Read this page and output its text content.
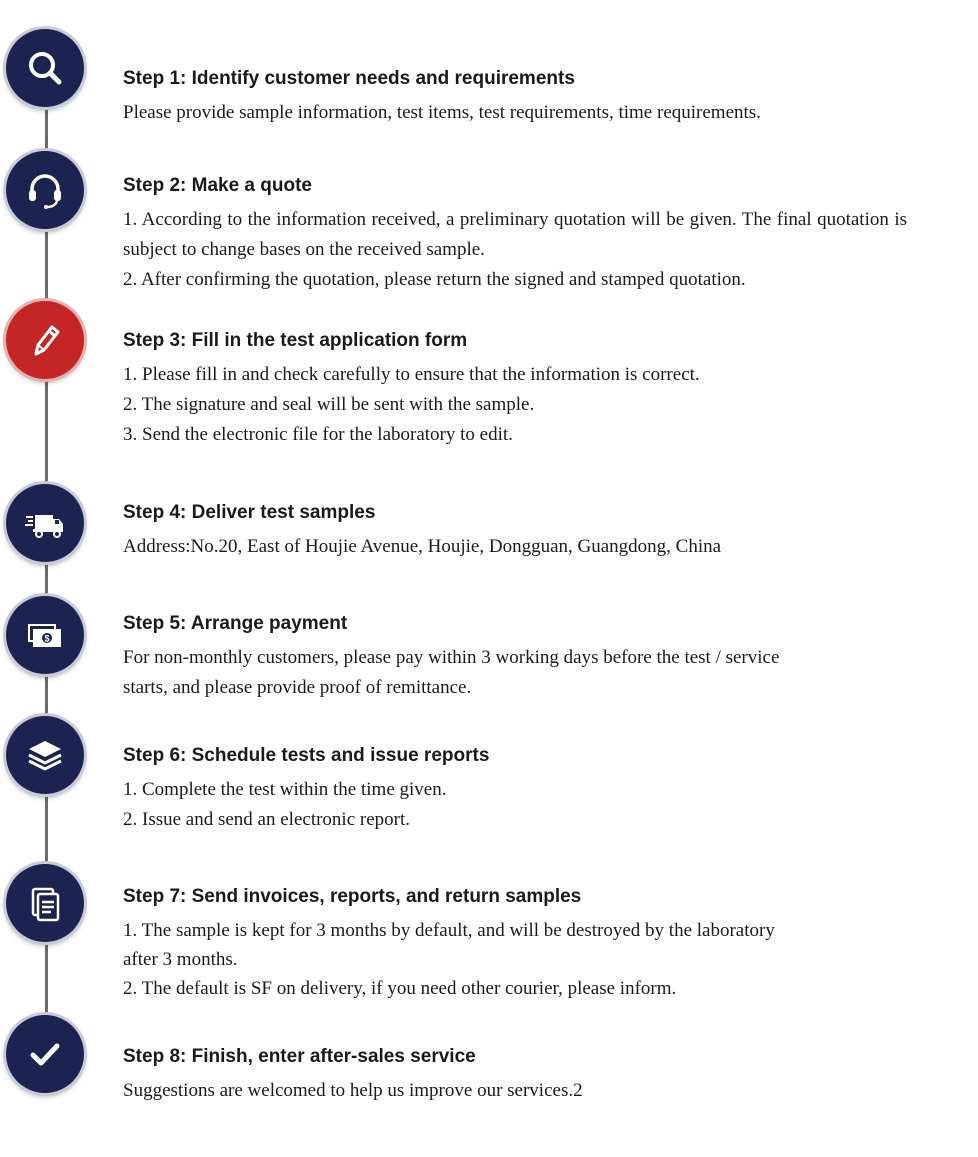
Step 1: Identify customer needs and requirements

Please provide sample information, test items, test requirements, time requirements.

Step 2: Make a quote

1. According to the information received, a preliminary quotation will be given. The final quotation is subject to change bases on the received sample.

2. After confirming the quotation, please return the signed and stamped quotation.

Step 3: Fill in the test application form

1. Please fill in and check carefully to ensure that the information is correct.

2. The signature and seal will be sent with the sample.

3. Send the electronic file for the laboratory to edit.

Step 4: Deliver test samples

Address:No.20, East of Houjie Avenue, Houjie, Dongguan, Guangdong, China

$
Step 5: Arrange payment

For non-monthly customers, please pay within 3 working days before the test / service

starts, and please provide proof of remittance.

Step 6: Schedule tests and issue reports

1. Complete the test within the time given.

2. Issue and send an electronic report.

Step 7: Send invoices, reports, and return samples

1. The sample is kept for 3 months by default, and will be destroyed by the laboratory

after 3 months.

2. The default is SF on delivery, if you need other courier, please inform.

Step 8: Finish, enter after-sales service

Suggestions are welcomed to help us improve our services.2
